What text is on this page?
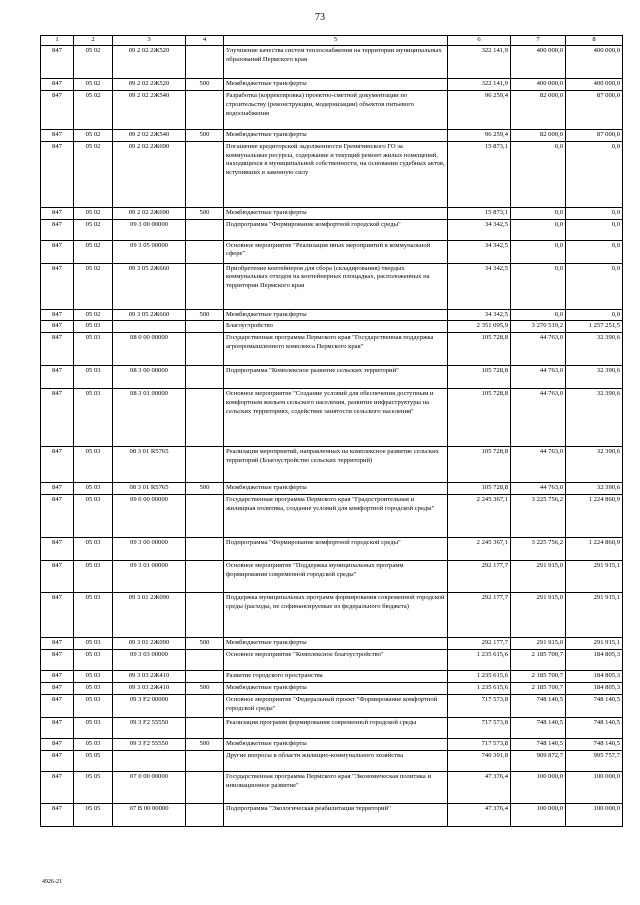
73
1	2	3	4	5	6	7	8
847	05 02	09 2 02 2Ж520		Улучшение качества систем теплоснабжения на территории муниципальных образований Пермского края	322 141,9	400 000,0	400 000,0
847	05 02	09 2 02 2Ж520	500	Межбюджетные трансферты	322 141,9	400 000,0	400 000,0
847	05 02	09 2 02 2Ж540		Разработка (корректировка) проектно-сметной документации по строительству (реконструкции, модернизации) объектов питьевого водоснабжения	96 259,4	82 000,0	87 000,0
847	05 02	09 2 02 2Ж540	500	Межбюджетные трансферты	96 259,4	82 000,0	87 000,0
847	05 02	09 2 02 2Ж690		Погашение кредиторской задолженности Гремячинского ГО за коммунальные ресурсы, содержание и текущий ремонт жилых помещений, находящихся в муниципальной собственности, на основании судебных актов, вступивших в законную силу	15 873,1	0,0	0,0
847	05 02	09 2 02 2Ж690	500	Межбюджетные трансферты	15 873,1	0,0	0,0
847	05 02	09 3 00 00000		Подпрограмма "Формирование комфортной городской среды"	34 342,5	0,0	0,0
847	05 02	09 3 05 00000		Основное мероприятие "Реализация иных мероприятий в коммунальной сфере"	34 342,5	0,0	0,0
847	05 02	09 3 05 2Ж660		Приобретение контейнеров для сбора (складирования) твердых коммунальных отходов на контейнерных площадках, расположенных на территории Пермского края	34 342,5	0,0	0,0
847	05 02	09 3 05 2Ж660	500	Межбюджетные трансферты	34 342,5	0,0	0,0
847	05 03			Благоустройство	2 351 095,9	3 270 519,2	1 257 251,5
847	05 03	08 0 00 00000		Государственная программа Пермского края "Государственная поддержка агропромышленного комплекса Пермского края"	105 728,8	44 763,0	32 390,6
847	05 03	08 3 00 00000		Подпрограмма "Комплексное развитие сельских территорий"	105 728,8	44 763,0	32 390,6
847	05 03	08 3 01 00000		Основное мероприятие "Создание условий для обеспечения доступным и комфортным жильем сельского населения, развитие инфраструктуры на сельских территориях, содействие занятости сельского населения"	105 728,8	44 763,0	32 390,6
847	05 03	08 3 01 R5765		Реализация мероприятий, направленных на комплексное развитие сельских территорий (Благоустройство сельских территорий)	105 728,8	44 763,0	32 390,6
847	05 03	08 3 01 R5765	500	Межбюджетные трансферты	105 728,8	44 763,0	32 390,6
847	05 03	09 0 00 00000		Государственная программа Пермского края "Градостроительная и жилищная политика, создание условий для комфортной городской среды"	2 245 367,1	3 225 756,2	1 224 860,9
847	05 03	09 3 00 00000		Подпрограмма "Формирование комфортной городской среды"	2 245 367,1	3 225 756,2	1 224 860,9
847	05 03	09 3 01 00000		Основное мероприятие "Поддержка муниципальных программ формирования современной городской среды"	292 177,7	291 915,0	291 915,1
847	05 03	09 3 01 2Ж090		Поддержка муниципальных программ формирования современной городской среды (расходы, не софинансируемые из федерального бюджета)	292 177,7	291 915,0	291 915,1
847	05 03	09 3 01 2Ж090	500	Межбюджетные трансферты	292 177,7	291 915,0	291 915,1
847	05 03	09 3 03 00000		Основное мероприятие "Комплексное благоустройство"	1 235 615,6	2 185 700,7	184 805,3
847	05 03	09 3 03 2Ж410		Развитие городского пространства	1 235 615,6	2 185 700,7	184 805,3
847	05 03	09 3 03 2Ж410	500	Межбюджетные трансферты	1 235 615,6	2 185 700,7	184 805,3
847	05 03	09 3 F2 00000		Основное мероприятие "Федеральный проект "Формирование комфортной городской среды"	717 573,8	748 140,5	748 140,5
847	05 03	09 3 F2 55550		Реализация программ формирования современной городской среды	717 573,8	748 140,5	748 140,5
847	05 03	09 3 F2 55550	500	Межбюджетные трансферты	717 573,8	748 140,5	748 140,5
847	05 05			Другие вопросы в области жилищно-коммунального хозяйства	740 391,8	909 872,7	995 757,7
847	05 05	07 0 00 00000		Государственная программа Пермского края "Экономическая политика и инновационное развитие"	47 376,4	100 000,0	100 000,0
847	05 05	07 В 00 00000		Подпрограмма "Экологическая реабилитация территорий"	47 376,4	100 000,0	100 000,0
4926-21
